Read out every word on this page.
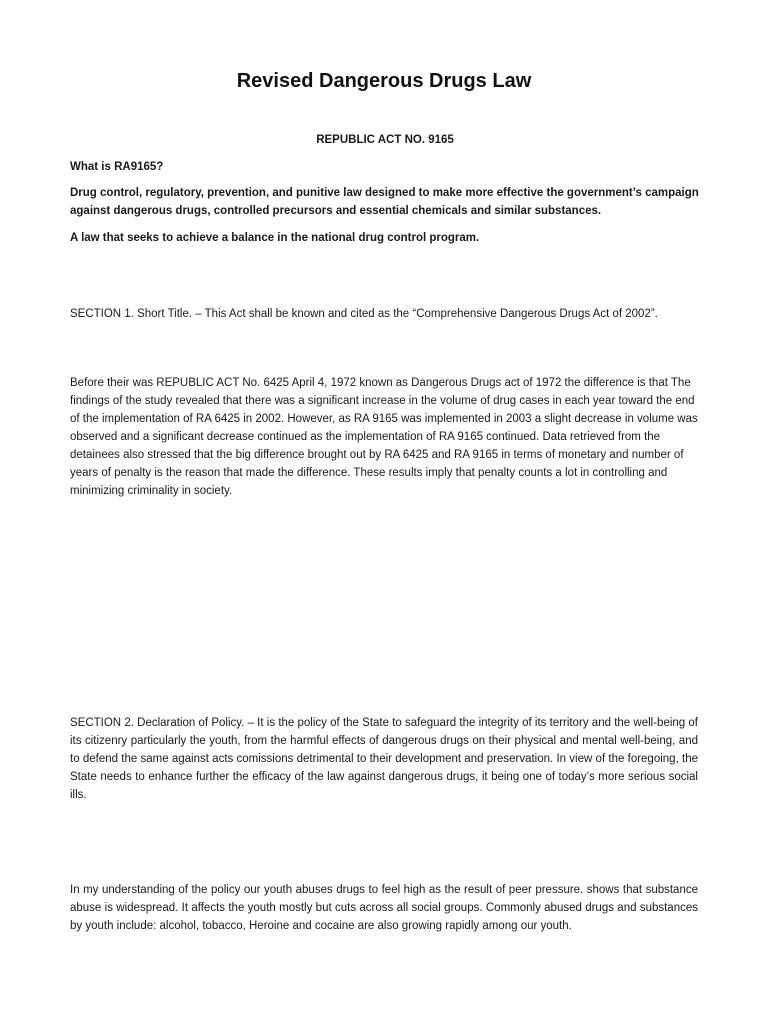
Revised Dangerous Drugs Law
REPUBLIC ACT NO. 9165

What is RA9165?

Drug control, regulatory, prevention, and punitive law designed to make more effective the government’s campaign against dangerous drugs, controlled precursors and essential chemicals and similar substances.

A law that seeks to achieve a balance in the national drug control program.

SECTION 1. Short Title. – This Act shall be known and cited as the “Comprehensive Dangerous Drugs Act of 2002”.

Before their was REPUBLIC ACT No. 6425 April 4, 1972 known as Dangerous Drugs act of 1972 the difference is that The findings of the study revealed that there was a significant increase in the volume of drug cases in each year toward the end of the implementation of RA 6425 in 2002. However, as RA 9165 was implemented in 2003 a slight decrease in volume was observed and a significant decrease continued as the implementation of RA 9165 continued. Data retrieved from the detainees also stressed that the big difference brought out by RA 6425 and RA 9165 in terms of monetary and number of years of penalty is the reason that made the difference. These results imply that penalty counts a lot in controlling and minimizing criminality in society.

SECTION 2. Declaration of Policy. – It is the policy of the State to safeguard the integrity of its territory and the well-being of its citizenry particularly the youth, from the harmful effects of dangerous drugs on their physical and mental well-being, and to defend the same against acts comissions detrimental to their development and preservation. In view of the foregoing, the State needs to enhance further the efficacy of the law against dangerous drugs, it being one of today’s more serious social ills.

In my understanding of the policy our youth abuses drugs to feel high as the result of peer pressure. shows that substance abuse is widespread. It affects the youth mostly but cuts across all social groups. Commonly abused drugs and substances by youth include: alcohol, tobacco, Heroine and cocaine are also growing rapidly among our youth.
